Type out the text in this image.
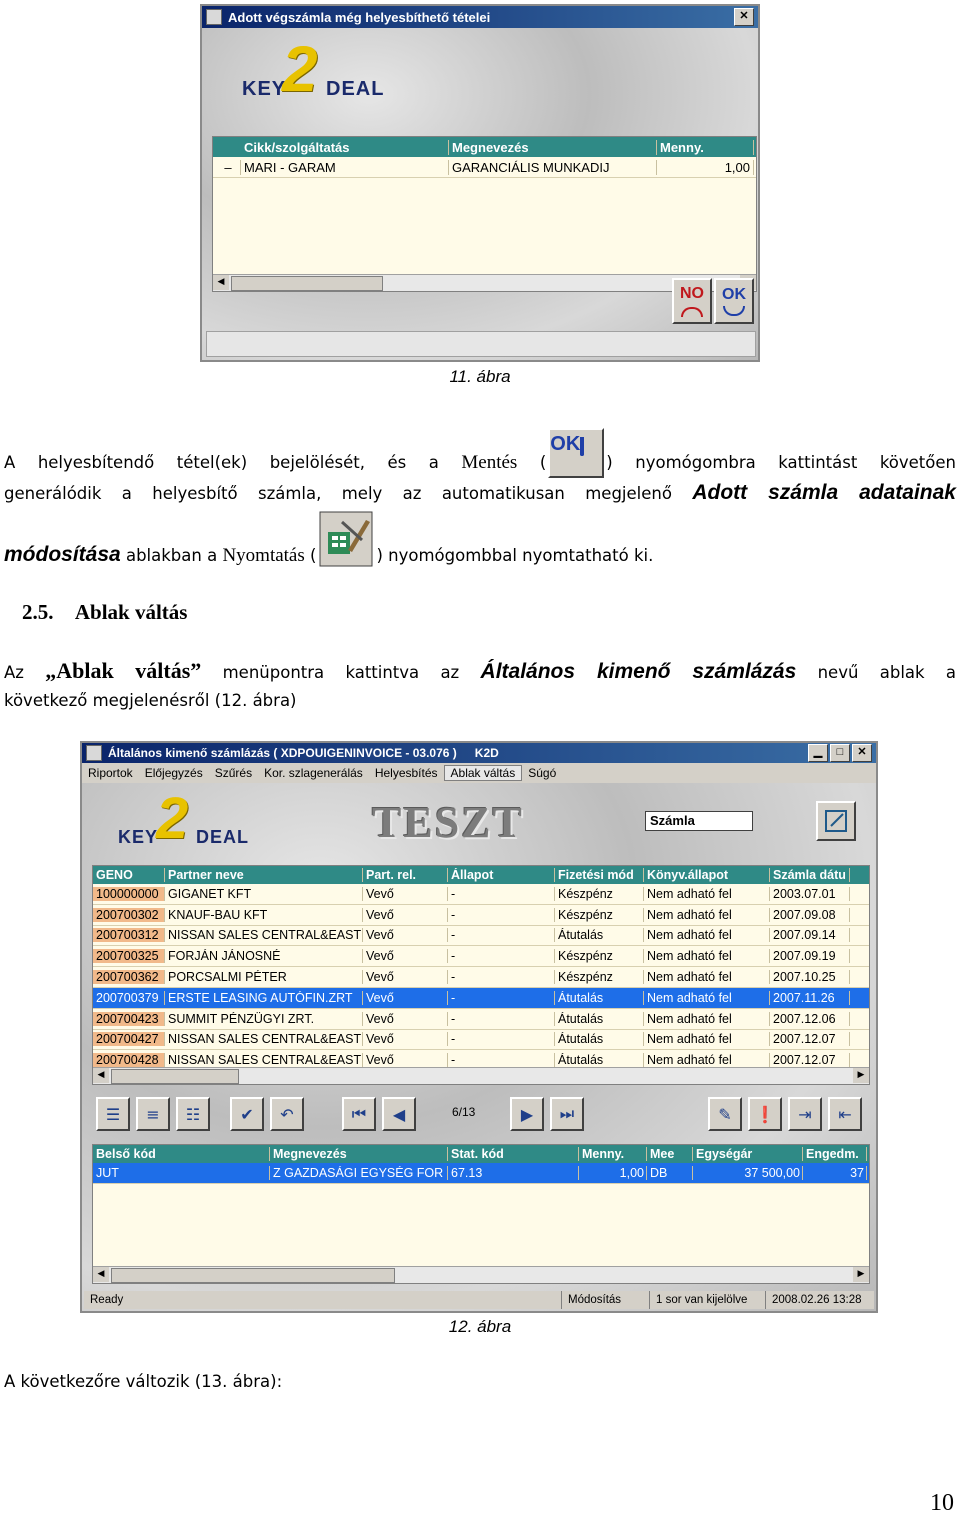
Adott végszámla még helyesbíthető tételei	✕
KEY
2 DEAL
Cikk/szolgáltatás	Megnevezés	Menny.
– MARI - GARAM	GARANCIÁLIS MUNKADIJ	1,00
◀
NO OK
11. ábra
A helyesbítendő tétel(ek) bejelölését, és a Mentés (OK) nyomógombra kattintást követően
generálódik a helyesbítő számla, mely az automatikusan megjelenő Adott számla adatainak
módosítása ablakban a Nyomtatás (	) nyomógombbal nyomtatható ki.
2.5. Ablak váltás
Az „Ablak váltás” menüpontra kattintva az Általános kimenő számlázás nevű ablak a
következő megjelenésről (12. ábra)
Általános kimenő számlázás ( XDPOUIGENINVOICE - 03.076 ) K2D	▁	□	✕
Riportok	Előjegyzés	Szűrés	Kor. szlagenerálás	Helyesbítés	Ablak váltás	Súgó
KEY
2 DEAL	TESZT	Számla
GENO	Partner neve	Part. rel.	Állapot	Fizetési mód	Könyv.állapot	Számla dátu
100000000 GIGANET KFT	Vevő	-	Készpénz	Nem adható fel	2003.07.01
200700302 KNAUF-BAU KFT	Vevő	-	Készpénz	Nem adható fel	2007.09.08
200700312 NISSAN SALES CENTRAL&EAST Vevő	-	Átutalás	Nem adható fel	2007.09.14
200700325 FORJÁN JÁNOSNÉ	Vevő	-	Készpénz	Nem adható fel	2007.09.19
200700362 PORCSALMI PÉTER	Vevő	-	Készpénz	Nem adható fel	2007.10.25
200700379 ERSTE LEASING AUTÓFIN.ZRT	Vevő	-	Átutalás	Nem adható fel	2007.11.26
200700423 SUMMIT PÉNZÜGYI ZRT.	Vevő	-	Átutalás	Nem adható fel	2007.12.06
200700427 NISSAN SALES CENTRAL&EAST Vevő	-	Átutalás	Nem adható fel	2007.12.07
200700428 NISSAN SALES CENTRAL&EAST Vevő	-	Átutalás	Nem adható fel	2007.12.07
◀	▶
☰	≡	☷	✔	↶	⏮	◀	6/13	▶	⏭	✎	❗	⇥	⇤
Belső kód	Megnevezés	Stat. kód	Menny.	Mee	Egységár	Engedm.
JUT	Z GAZDASÁGI EGYSÉG FOR 67.13	1,00 DB	37 500,00	37
◀	▶
Ready	Módosítás	1 sor van kijelölve	2008.02.26 13:28
12. ábra
A következőre változik (13. ábra):
10
